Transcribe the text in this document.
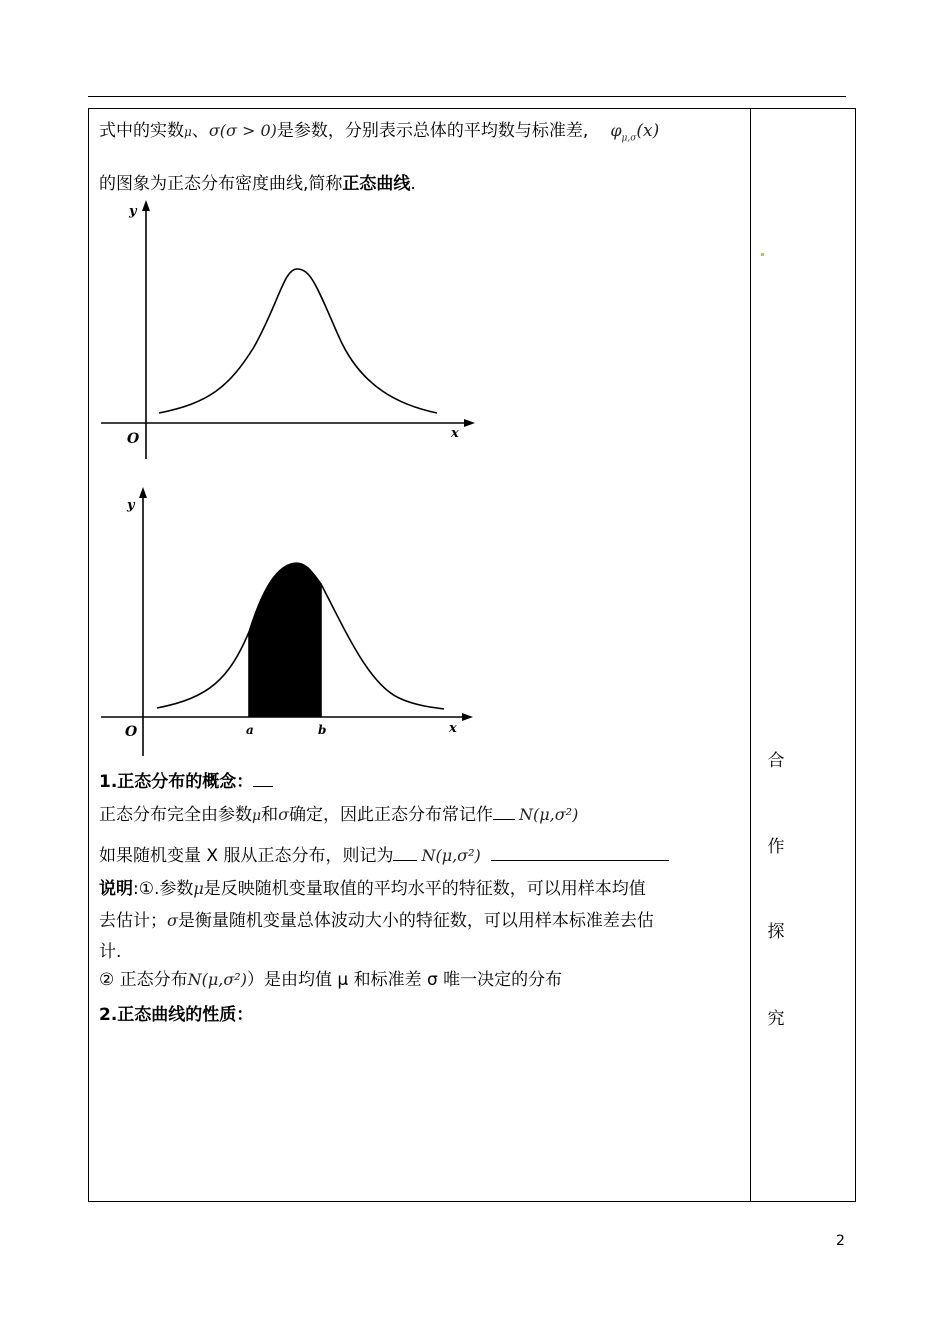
式中的实数μ、σ(σ > 0)是参数，分别表示总体的平均数与标准差, $\varphi_{\mu,\sigma}(x)$
的图象为正态分布密度曲线,简称正态曲线.
y
x
O
y
x
O	a	b
1.正态分布的概念：
正态分布完全由参数μ和σ确定，因此正态分布常记作 N(μ,σ²)
如果随机变量 X 服从正态分布，则记为 N(μ,σ²)
说明:①.参数μ是反映随机变量取值的平均水平的特征数，可以用样本均值
去估计；σ是衡量随机变量总体波动大小的特征数，可以用样本标准差去估
计.
② 正态分布N(μ,σ²)）是由均值 μ 和标准差 σ 唯一决定的分布
2.正态曲线的性质：
合
作
探
究
2
